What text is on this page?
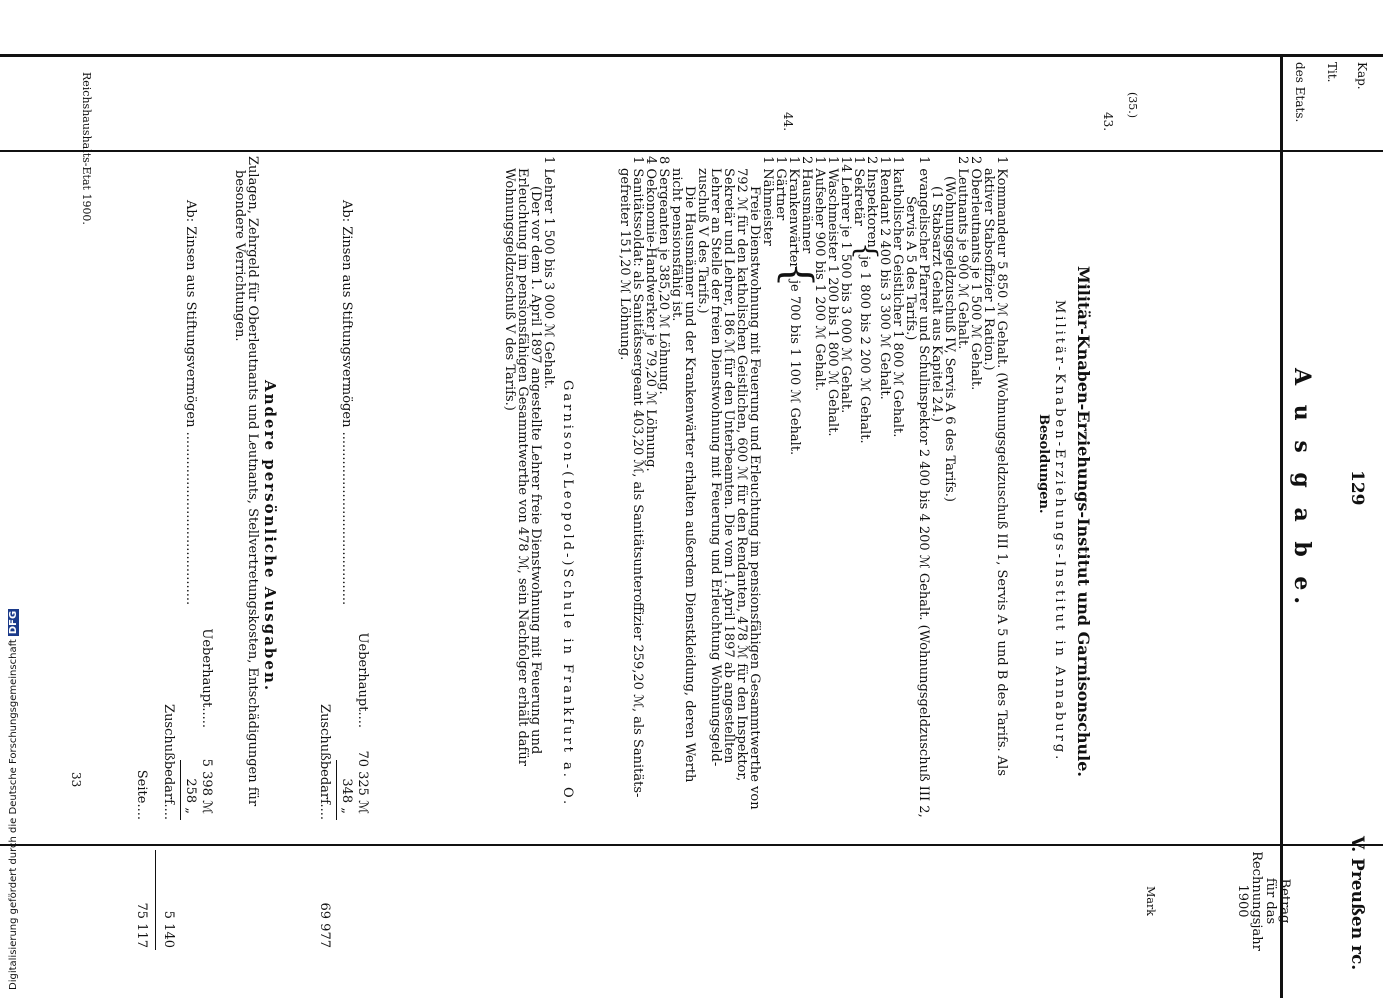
129
V. Preußen rc.
A u s g a b e.
Kap.
Tit.
des Etats.
Betrag
für das
Rechnungsjahr
1900
Mark
(35.)
43.
44.
Militär-Knaben-Erziehungs-Institut und Garnisonschule.
Militär-Knaben-Erziehungs-Institut in Annaburg.
Besoldungen.
1 Kommandeur 5 850 ℳ Gehalt. (Wohnungsgeldzuschuß III 1, Servis A 5 und B des Tarifs. Als
aktiver Stabsoffizier 1 Ration.)
2 Oberleutnants je 1 500 ℳ Gehalt.
2 Leutnants je 900 ℳ Gehalt.
(Wohnungsgeldzuschuß IV, Servis A 6 des Tarifs.)
(1 Stabsarzt Gehalt aus Kapitel 24.)
1 evangelischer Pfarrer und Schulinspektor 2 400 bis 4 200 ℳ Gehalt. (Wohnungsgeldzuschuß III 2,
Servis A 5 des Tarifs.)
1 katholischer Geistlicher 1 800 ℳ Gehalt.
1 Rendant 2 400 bis 3 300 ℳ Gehalt.
2 Inspektoren
1 Sekretär
14 Lehrer je 1 500 bis 3 000 ℳ Gehalt.
1 Waschmeister 1 200 bis 1 800 ℳ Gehalt.
1 Aufseher 900 bis 1 200 ℳ Gehalt.
2 Hausmänner
1 Krankenwärter
1 Gärtner
1 Nähmeister
{
je 1 800 bis 2 200 ℳ Gehalt.
{
je 700 bis 1 100 ℳ Gehalt.
Freie Dienstwohnung mit Feuerung und Erleuchtung im pensionsfähigen Gesammtwerthe von
792 ℳ für den katholischen Geistlichen, 600 ℳ für den Rendanten, 478 ℳ für den Inspektor,
Sekretär und Lehrer, 186 ℳ für den Unterbeamten. Die vom 1. April 1897 ab angestellten
Lehrer an Stelle der freien Dienstwohnung mit Feuerung und Erleuchtung Wohnungsgeld-
zuschuß V des Tarifs.)
Die Hausmänner und der Krankenwärter erhalten außerdem Dienstkleidung, deren Werth
nicht pensionsfähig ist.
8 Sergeanten je 385,20 ℳ Löhnung.
4 Oekonomie-Handwerker je 79,20 ℳ Löhnung.
1 Sanitätssoldat: als Sanitätssergeant 403,20 ℳ, als Sanitätsunteroffizier 259,20 ℳ, als Sanitäts-
gefreiter 151,20 ℳ Löhnung.
Ueberhaupt....
70 325 ℳ
Ab: Zinsen aus Stiftungsvermögen ..........................................
348 „
Zuschußbedarf....
69 977
Garnison-(Leopold-)Schule in Frankfurt a. O.
1 Lehrer 1 500 bis 3 000 ℳ Gehalt.
(Der vor dem 1. April 1897 angestellte Lehrer freie Dienstwohnung mit Feuerung und
Erleuchtung im pensionsfähigen Gesammtwerthe von 478 ℳ, sein Nachfolger erhält dafür
Wohnungsgeldzuschuß V des Tarifs.)
Andere persönliche Ausgaben.
Zulagen, Zehrgeld für Oberleutnants und Leutnants, Stellvertretungskosten, Entschädigungen für
besondere Verrichtungen.
Ueberhaupt.....
5 398 ℳ
Ab: Zinsen aus Stiftungsvermögen ..........................................
258 „
Zuschußbedarf....
5 140
Seite....
75 117
Reichshaushalts-Etat 1900.
33
Digitalisierung gefördert durch die Deutsche ForschungsgemeinschaftDFG
